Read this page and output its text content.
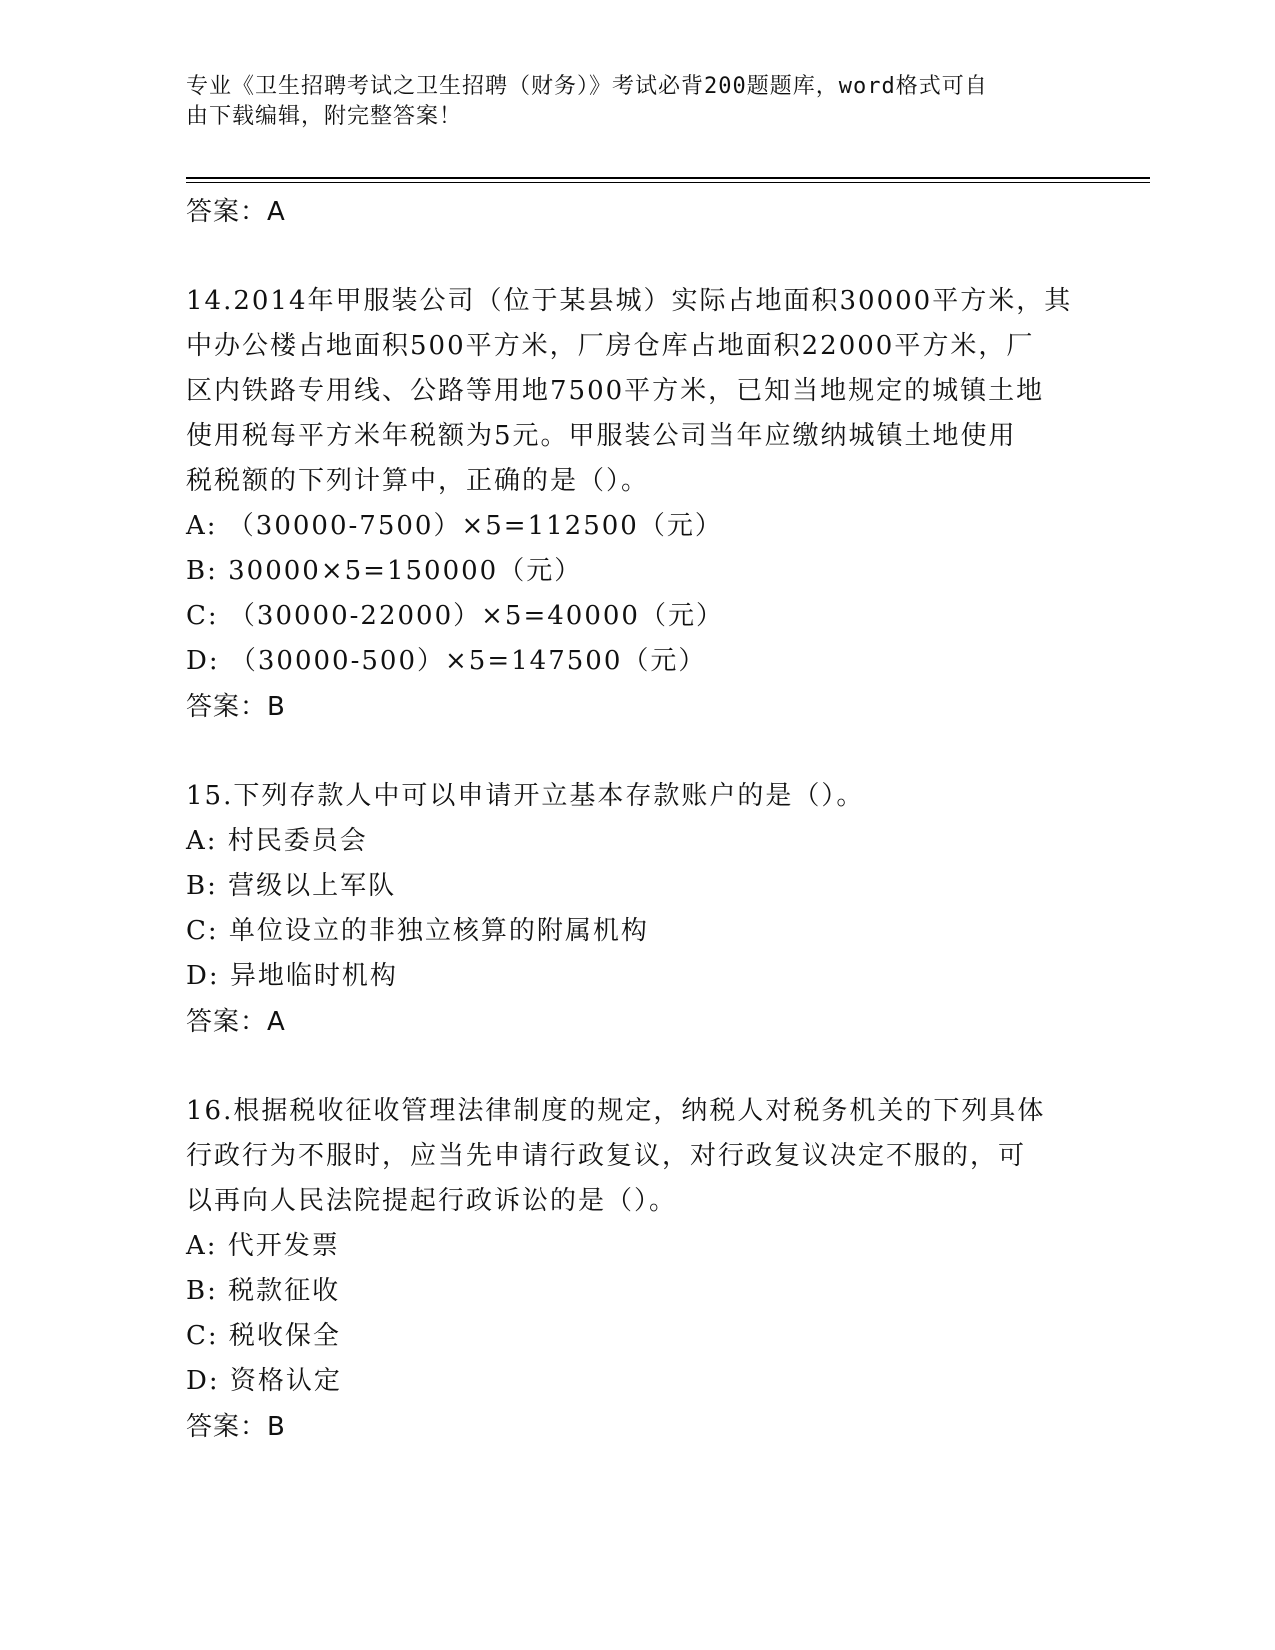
专业《卫生招聘考试之卫生招聘（财务）》考试必背200题题库，word格式可自
由下载编辑，附完整答案！
答案：A
14.2014年甲服装公司（位于某县城）实际占地面积30000平方米，其
中办公楼占地面积500平方米，厂房仓库占地面积22000平方米，厂
区内铁路专用线、公路等用地7500平方米，已知当地规定的城镇土地
使用税每平方米年税额为5元。甲服装公司当年应缴纳城镇土地使用
税税额的下列计算中，正确的是（）。
A: （30000-7500）×5=112500（元）
B: 30000×5=150000（元）
C: （30000-22000）×5=40000（元）
D: （30000-500）×5=147500（元）
答案：B
15.下列存款人中可以申请开立基本存款账户的是（）。
A: 村民委员会
B: 营级以上军队
C: 单位设立的非独立核算的附属机构
D: 异地临时机构
答案：A
16.根据税收征收管理法律制度的规定，纳税人对税务机关的下列具体
行政行为不服时，应当先申请行政复议，对行政复议决定不服的，可
以再向人民法院提起行政诉讼的是（）。
A: 代开发票
B: 税款征收
C: 税收保全
D: 资格认定
答案：B
